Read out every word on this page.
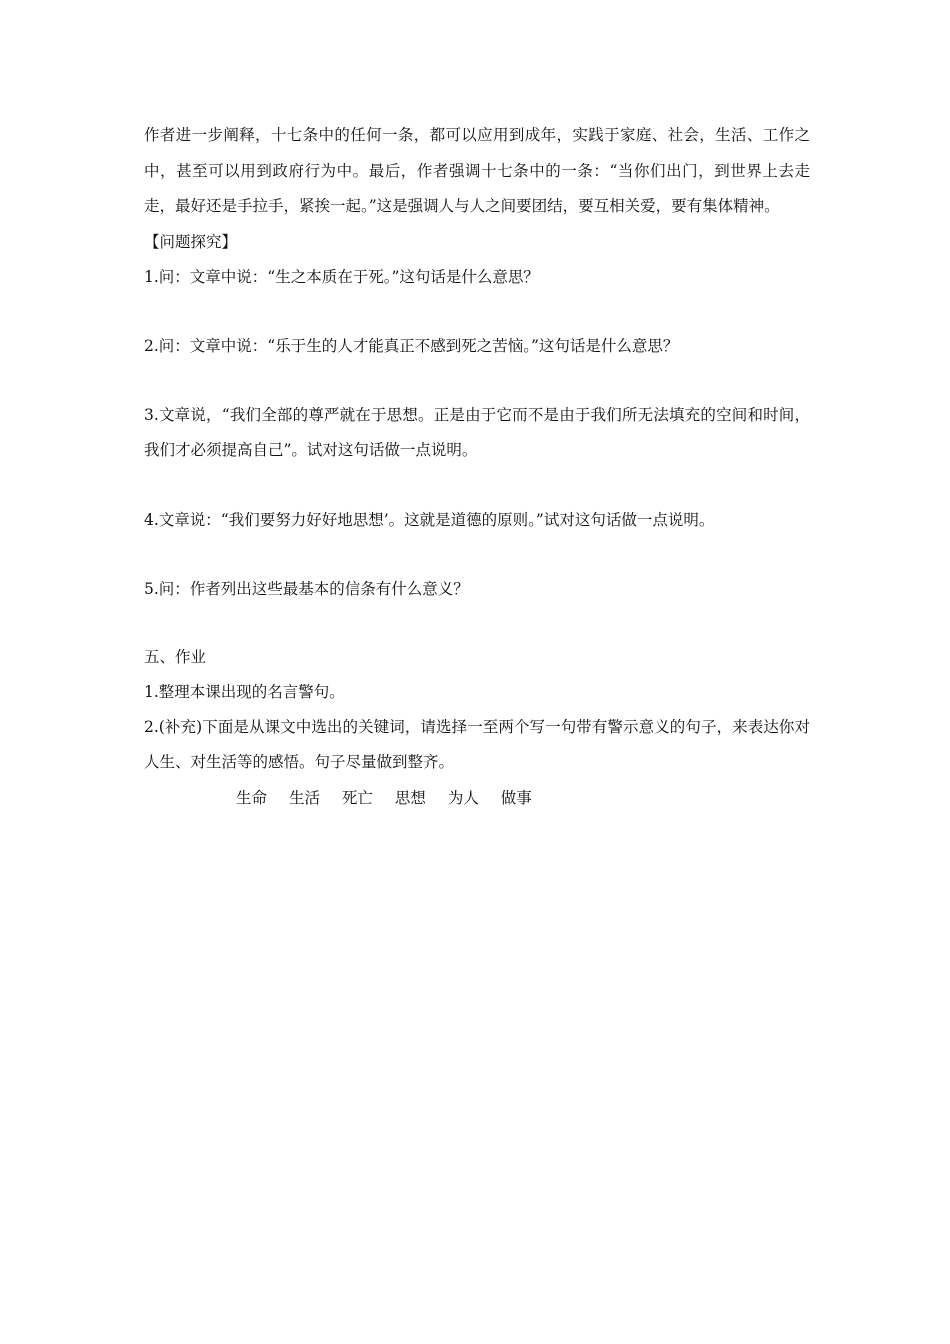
作者进一步阐释，十七条中的任何一条，都可以应用到成年，实践于家庭、社会，生活、工作之中，甚至可以用到政府行为中。最后，作者强调十七条中的一条：“当你们出门，到世界上去走走，最好还是手拉手，紧挨一起。”这是强调人与人之间要团结，要互相关爱，要有集体精神。

【问题探究】

1.问：文章中说：“生之本质在于死。”这句话是什么意思？

2.问：文章中说：“乐于生的人才能真正不感到死之苦恼。”这句话是什么意思？

3.文章说，“我们全部的尊严就在于思想。正是由于它而不是由于我们所无法填充的空间和时间，我们才必须提高自己”。试对这句话做一点说明。

4.文章说：“我们要努力好好地思想’。这就是道德的原则。”试对这句话做一点说明。

5.问：作者列出这些最基本的信条有什么意义？

五、作业

1.整理本课出现的名言警句。

2.(补充)下面是从课文中选出的关键词，请选择一至两个写一句带有警示意义的句子，来表达你对人生、对生活等的感悟。句子尽量做到整齐。

生命 生活 死亡 思想 为人 做事
